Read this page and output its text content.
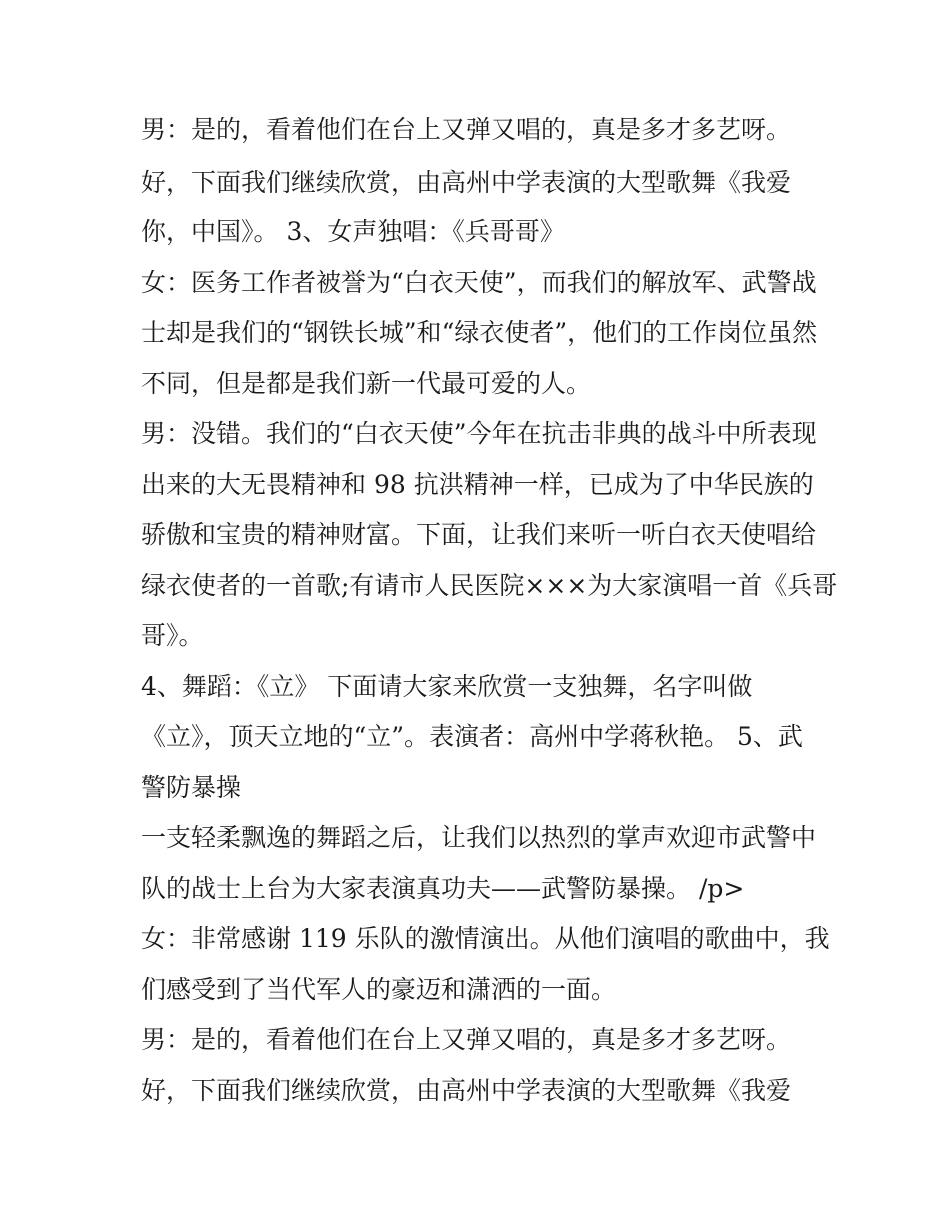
男：是的，看着他们在台上又弹又唱的，真是多才多艺呀。
好，下面我们继续欣赏，由高州中学表演的大型歌舞《我爱
你，中国》。 3、女声独唱：《兵哥哥》
女：医务工作者被誉为“白衣天使”，而我们的解放军、武警战
士却是我们的“钢铁长城”和“绿衣使者”，他们的工作岗位虽然
不同，但是都是我们新一代最可爱的人。
男：没错。我们的“白衣天使”今年在抗击非典的战斗中所表现
出来的大无畏精神和 98 抗洪精神一样，已成为了中华民族的
骄傲和宝贵的精神财富。下面，让我们来听一听白衣天使唱给
绿衣使者的一首歌;有请市人民医院×××为大家演唱一首《兵哥
哥》。
4、舞蹈：《立》 下面请大家来欣赏一支独舞，名字叫做
《立》，顶天立地的“立”。表演者：高州中学蒋秋艳。 5、武
警防暴操
一支轻柔飘逸的舞蹈之后，让我们以热烈的掌声欢迎市武警中
队的战士上台为大家表演真功夫——武警防暴操。 /p>
女：非常感谢 119 乐队的激情演出。从他们演唱的歌曲中，我
们感受到了当代军人的豪迈和潇洒的一面。
男：是的，看着他们在台上又弹又唱的，真是多才多艺呀。
好，下面我们继续欣赏，由高州中学表演的大型歌舞《我爱
